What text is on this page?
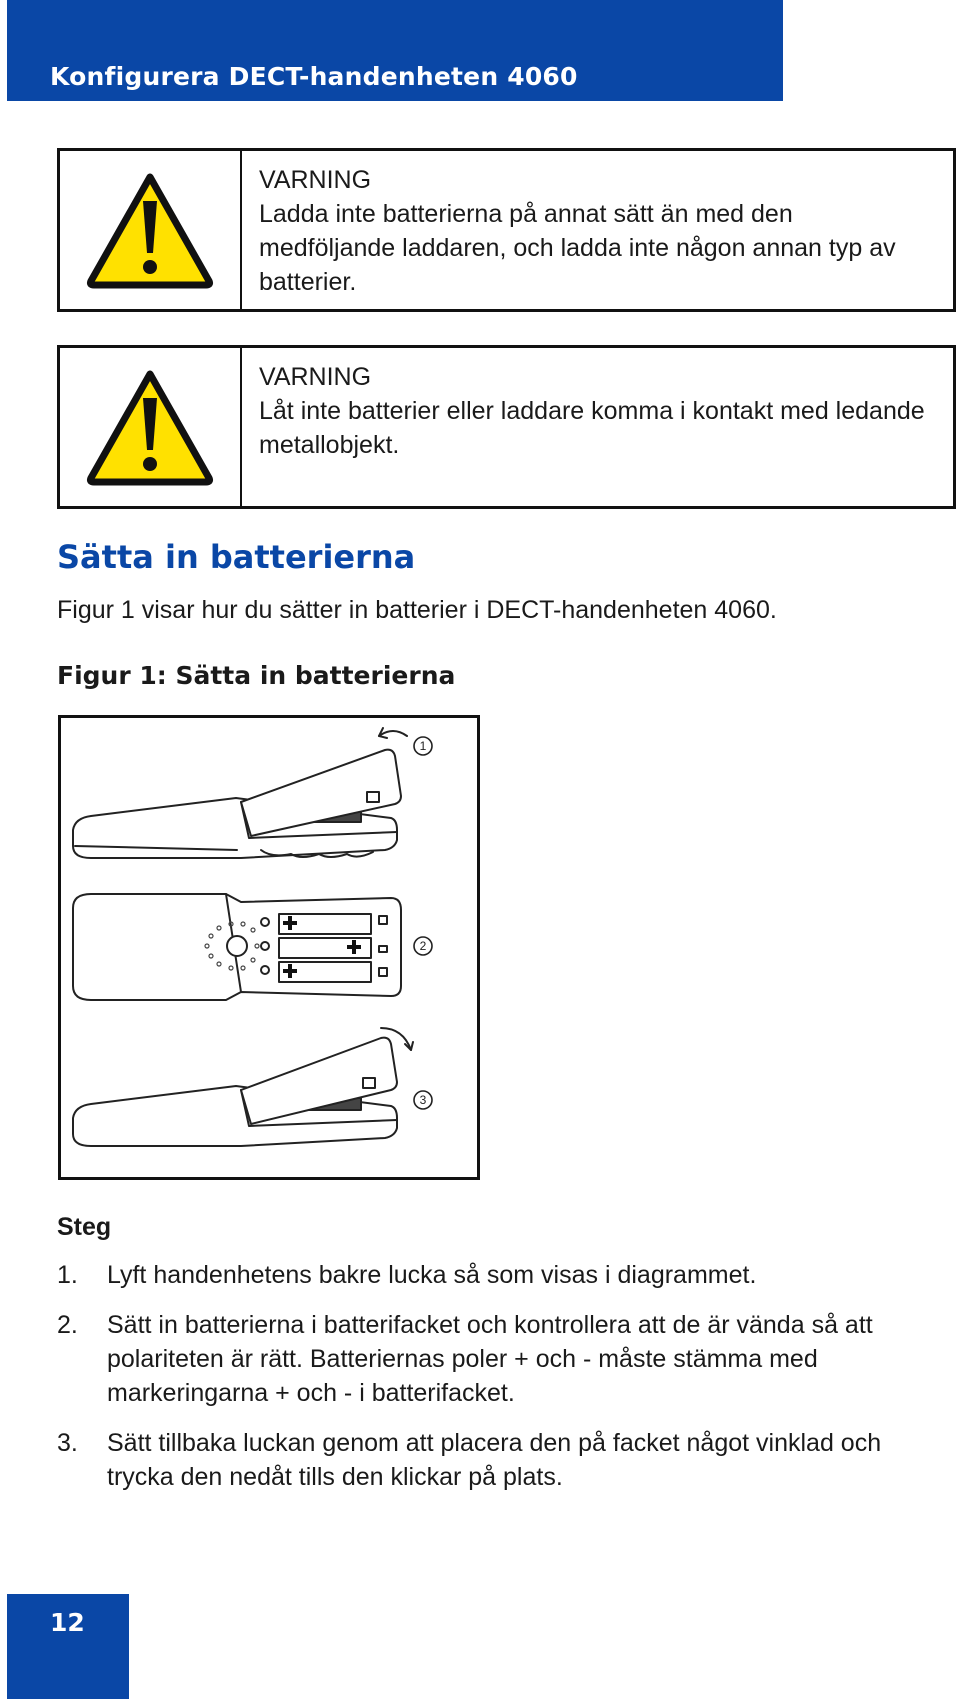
Konfigurera DECT-handenheten 4060
VARNING
Ladda inte batterierna på annat sätt än med den medföljande laddaren, och ladda inte någon annan typ av batterier.
VARNING
Låt inte batterier eller laddare komma i kontakt med ledande metallobjekt.
Sätta in batterierna
Figur 1 visar hur du sätter in batterier i DECT-handenheten 4060.
Figur 1: Sätta in batterierna
1
2
3
Steg
1. Lyft handenhetens bakre lucka så som visas i diagrammet.
2. Sätt in batterierna i batterifacket och kontrollera att de är vända så att polariteten är rätt. Batteriernas poler + och - måste stämma med markeringarna + och - i batterifacket.
3. Sätt tillbaka luckan genom att placera den på facket något vinklad och trycka den nedåt tills den klickar på plats.
12
